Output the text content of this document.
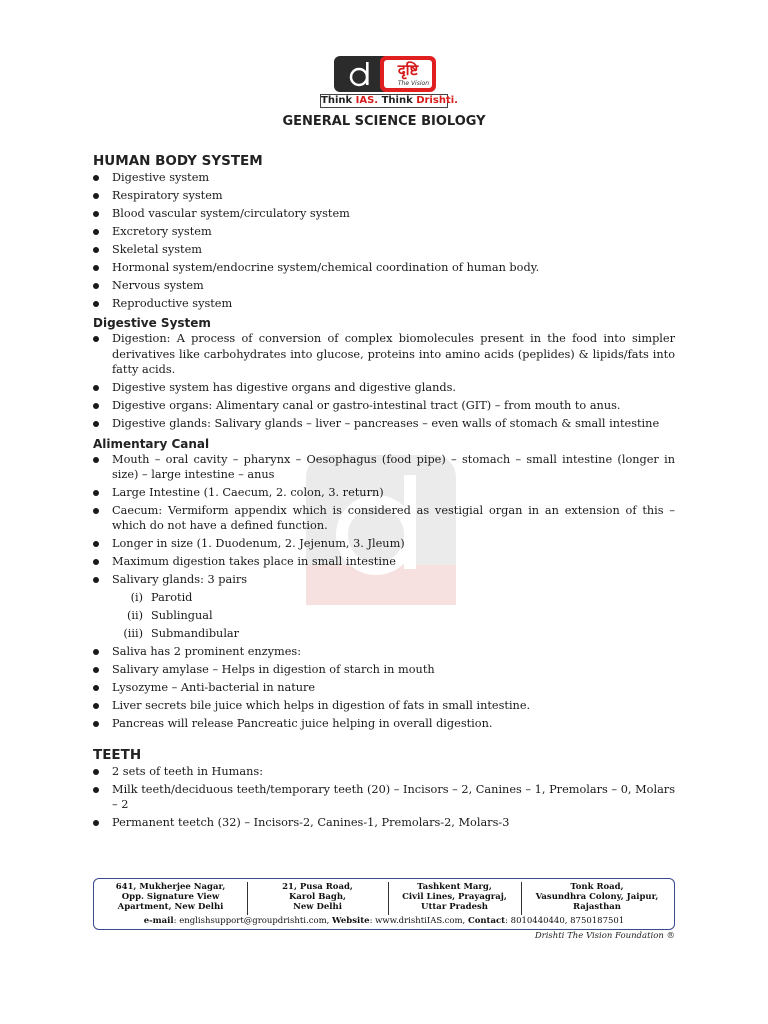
दृष्टि
The Vision
Think IAS. Think Drishti.
GENERAL SCIENCE BIOLOGY
HUMAN BODY SYSTEM
Digestive system
Respiratory system
Blood vascular system/circulatory system
Excretory system
Skeletal system
Hormonal system/endocrine system/chemical coordination of human body.
Nervous system
Reproductive system
Digestive System
Digestion: A process of conversion of complex biomolecules present in the food into simpler derivatives like carbohydrates into glucose, proteins into amino acids (peplides) & lipids/fats into fatty acids.
Digestive system has digestive organs and digestive glands.
Digestive organs: Alimentary canal or gastro-intestinal tract (GIT) – from mouth to anus.
Digestive glands: Salivary glands – liver – pancreases – even walls of stomach & small intestine
Alimentary Canal
Mouth – oral cavity – pharynx – Oesophagus (food pipe) – stomach – small intestine (longer in size) – large intestine – anus
Large Intestine (1. Caecum, 2. colon, 3. return)
Caecum: Vermiform appendix which is considered as vestigial organ in an extension of this – which do not have a defined function.
Longer in size (1. Duodenum, 2. Jejenum, 3. Jleum)
Maximum digestion takes place in small intestine
Salivary glands: 3 pairs
(i) Parotid
(ii) Sublingual
(iii) Submandibular
Saliva has 2 prominent enzymes:
Salivary amylase – Helps in digestion of starch in mouth
Lysozyme – Anti-bacterial in nature
Liver secrets bile juice which helps in digestion of fats in small intestine.
Pancreas will release Pancreatic juice helping in overall digestion.
TEETH
2 sets of teeth in Humans:
Milk teeth/deciduous teeth/temporary teeth (20) – Incisors – 2, Canines – 1, Premolars – 0, Molars – 2
Permanent teetch (32) – Incisors-2, Canines-1, Premolars-2, Molars-3
641, Mukherjee Nagar,
Opp. Signature View
Apartment, New Delhi
21, Pusa Road,
Karol Bagh,
New Delhi
Tashkent Marg,
Civil Lines, Prayagraj,
Uttar Pradesh
Tonk Road,
Vasundhra Colony, Jaipur,
Rajasthan
e-mail: englishsupport@groupdrishti.com, Website: www.drishtiIAS.com, Contact: 8010440440, 8750187501
Drishti The Vision Foundation ®
